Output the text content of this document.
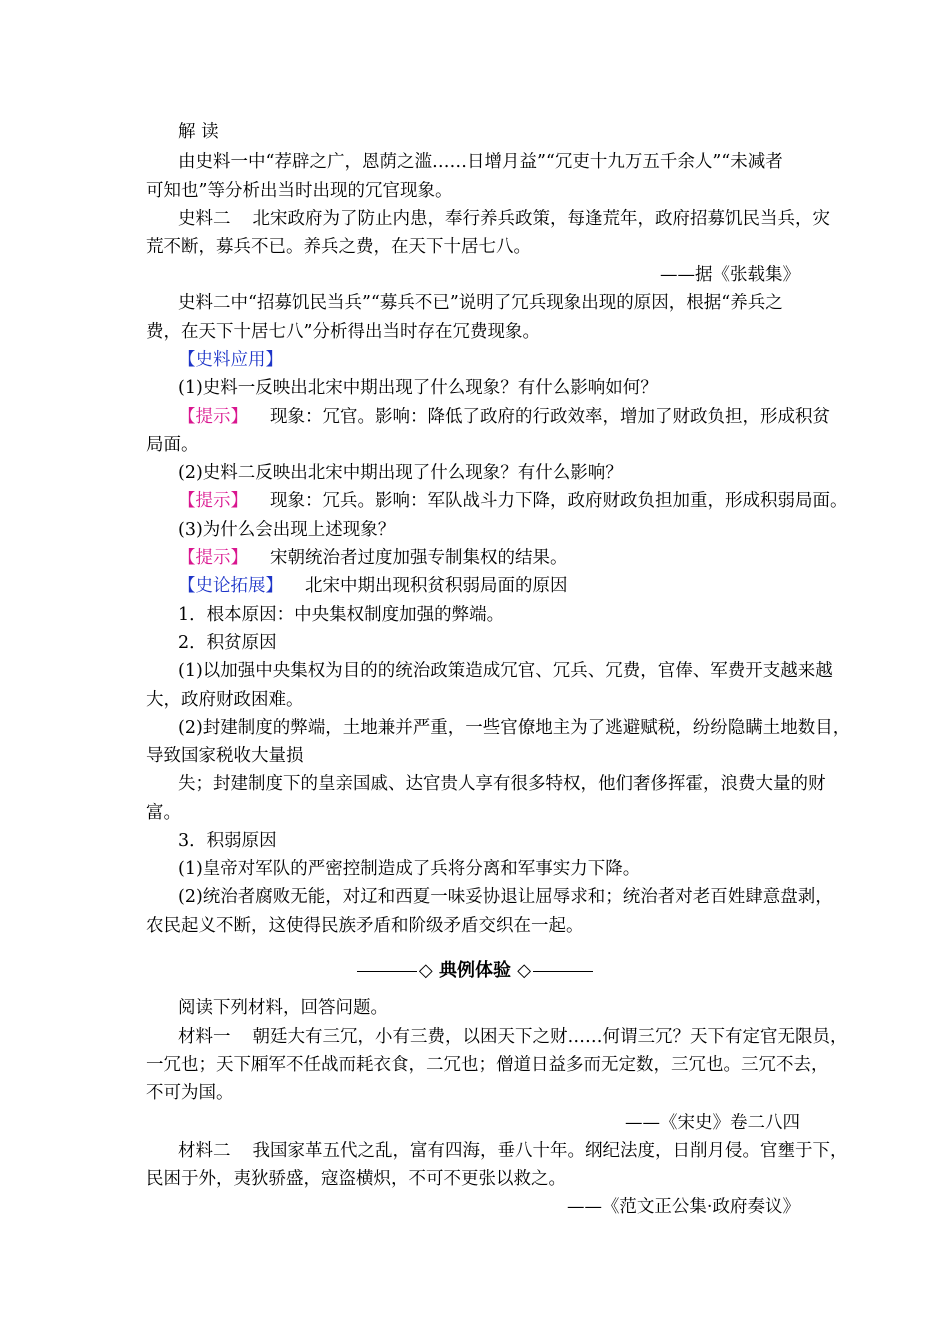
解 读
由史料一中“荐辟之广，恩荫之滥……日增月益”“冗吏十九万五千余人”“未减者
可知也”等分析出当时出现的冗官现象。
史料二 北宋政府为了防止内患，奉行养兵政策，每逢荒年，政府招募饥民当兵，灾
荒不断，募兵不已。养兵之费，在天下十居七八。
——据《张载集》
史料二中“招募饥民当兵”“募兵不已”说明了冗兵现象出现的原因，根据“养兵之
费，在天下十居七八”分析得出当时存在冗费现象。
【史料应用】
(1)史料一反映出北宋中期出现了什么现象？有什么影响如何？
【提示】 现象：冗官。影响：降低了政府的行政效率，增加了财政负担，形成积贫
局面。
(2)史料二反映出北宋中期出现了什么现象？有什么影响？
【提示】 现象：冗兵。影响：军队战斗力下降，政府财政负担加重，形成积弱局面。
(3)为什么会出现上述现象？
【提示】 宋朝统治者过度加强专制集权的结果。
【史论拓展】 北宋中期出现积贫积弱局面的原因
1．根本原因：中央集权制度加强的弊端。
2．积贫原因
(1)以加强中央集权为目的的统治政策造成冗官、冗兵、冗费，官俸、军费开支越来越
大，政府财政困难。
(2)封建制度的弊端，土地兼并严重，一些官僚地主为了逃避赋税，纷纷隐瞒土地数目，
导致国家税收大量损
失；封建制度下的皇亲国戚、达官贵人享有很多特权，他们奢侈挥霍，浪费大量的财
富。
3．积弱原因
(1)皇帝对军队的严密控制造成了兵将分离和军事实力下降。
(2)统治者腐败无能，对辽和西夏一味妥协退让屈辱求和；统治者对老百姓肆意盘剥，
农民起义不断，这使得民族矛盾和阶级矛盾交织在一起。
◇ 典例体验 ◇
阅读下列材料，回答问题。
材料一 朝廷大有三冗，小有三费，以困天下之财……何谓三冗？天下有定官无限员，
一冗也；天下厢军不任战而耗衣食，二冗也；僧道日益多而无定数，三冗也。三冗不去，
不可为国。
——《宋史》卷二八四
材料二 我国家革五代之乱，富有四海，垂八十年。纲纪法度，日削月侵。官壅于下，
民困于外，夷狄骄盛，寇盗横炽，不可不更张以救之。
——《范文正公集·政府奏议》
